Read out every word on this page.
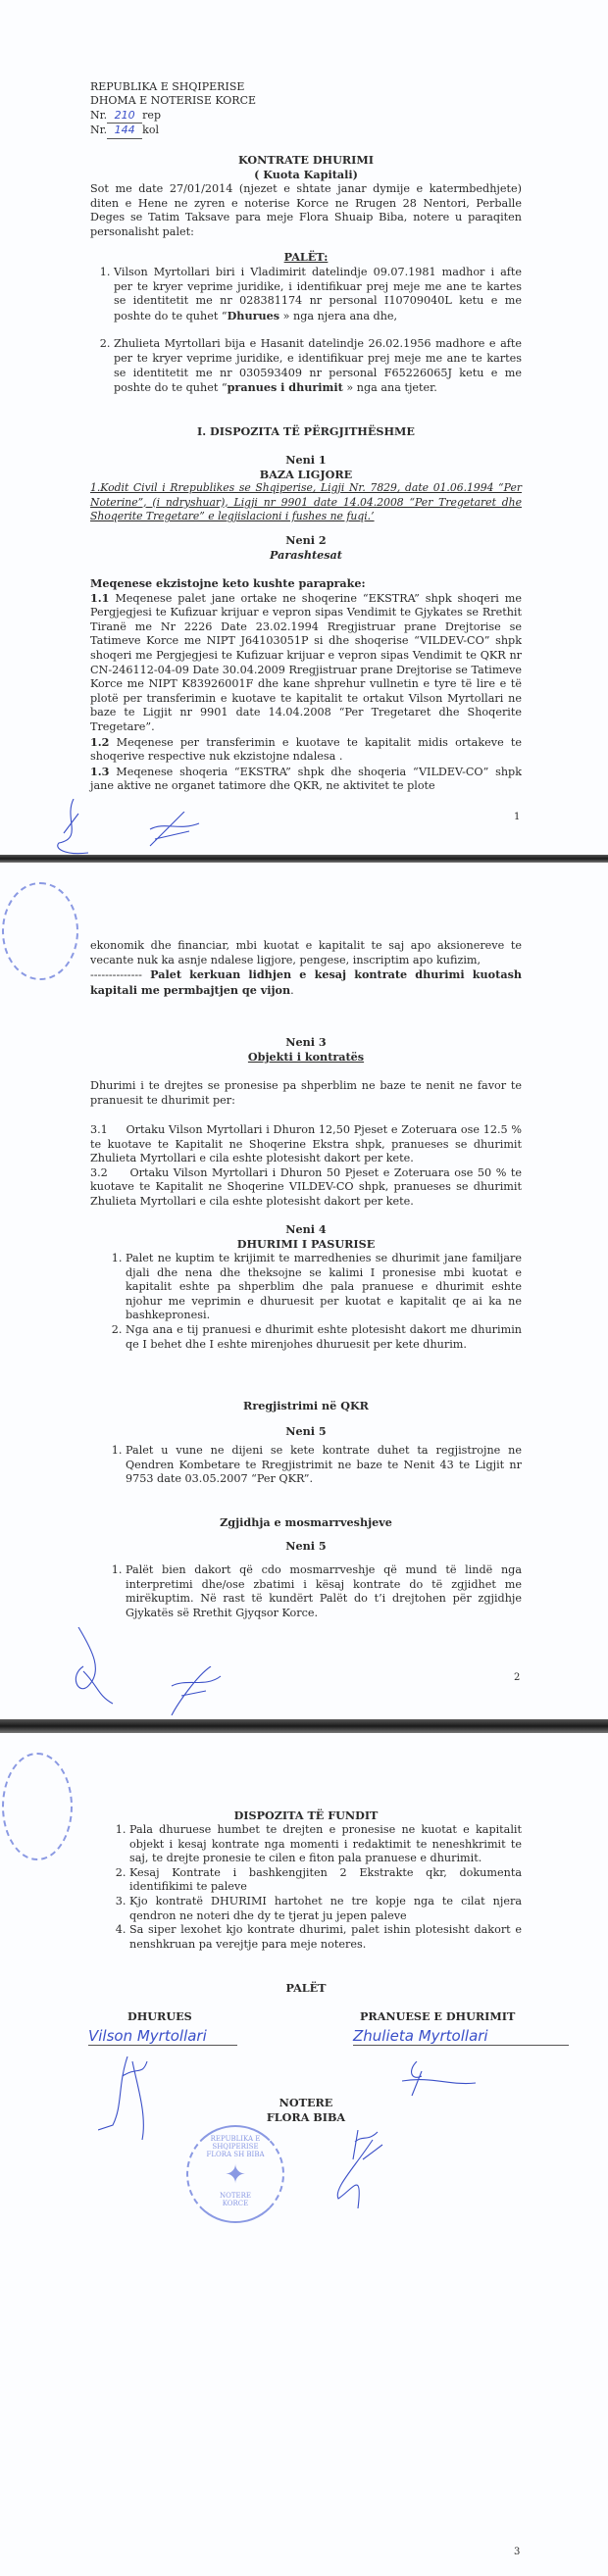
REPUBLIKA E SHQIPERISE
DHOMA E NOTERISE KORCE
Nr. 210 rep
Nr. 144 kol
KONTRATE DHURIMI
( Kuota Kapitali)

Sot me date 27/01/2014 (njezet e shtate janar dymije e katermbedhjete) diten e Hene ne zyren e noterise Korce ne Rrugen 28 Nentori, Perballe Deges se Tatim Taksave para meje Flora Shuaip Biba, notere u paraqiten personalisht palet:

PALËT:
1. Vilson Myrtollari biri i Vladimirit datelindje 09.07.1981 madhor i afte per te kryer veprime juridike, i identifikuar prej meje me ane te kartes se identitetit me nr 028381174 nr personal I10709040L ketu e me poshte do te quhet “Dhurues » nga njera ana dhe,
2. Zhulieta Myrtollari bija e Hasanit datelindje 26.02.1956 madhore e afte per te kryer veprime juridike, e identifikuar prej meje me ane te kartes se identitetit me nr 030593409 nr personal F65226065J ketu e me poshte do te quhet “pranues i dhurimit » nga ana tjeter.
I. DISPOZITA TË PËRGJITHËSHME
Neni 1
BAZA LIGJORE

1.Kodit Civil i Rrepublikes se Shqiperise, Ligji Nr. 7829, date 01.06.1994 “Per Noterine”, (i ndryshuar), Ligji nr 9901 date 14.04.2008 “Per Tregetaret dhe Shoqerite Tregetare” e legjislacioni i fushes ne fuqi.’

Neni 2
Parashtesat
Meqenese ekzistojne keto kushte paraprake:

1.1 Meqenese palet jane ortake ne shoqerine “EKSTRA” shpk shoqeri me Pergjegjesi te Kufizuar krijuar e vepron sipas Vendimit te Gjykates se Rrethit Tiranë me Nr 2226 Date 23.02.1994 Rregjistruar prane Drejtorise se Tatimeve Korce me NIPT J64103051P si dhe shoqerise “VILDEV-CO” shpk shoqeri me Pergjegjesi te Kufizuar krijuar e vepron sipas Vendimit te QKR nr CN-246112-04-09 Date 30.04.2009 Rregjistruar prane Drejtorise se Tatimeve Korce me NIPT K83926001F dhe kane shprehur vullnetin e tyre të lire e të plotë per transferimin e kuotave te kapitalit te ortakut Vilson Myrtollari ne baze te Ligjit nr 9901 date 14.04.2008 “Per Tregetaret dhe Shoqerite Tregetare”.

1.2 Meqenese per transferimin e kuotave te kapitalit midis ortakeve te shoqerive respective nuk ekzistojne ndalesa .

1.3 Meqenese shoqeria “EKSTRA” shpk dhe shoqeria “VILDEV-CO” shpk jane aktive ne organet tatimore dhe QKR, ne aktivitet te plote

1

ekonomik dhe financiar, mbi kuotat e kapitalit te saj apo aksionereve te vecante nuk ka asnje ndalese ligjore, pengese, inscriptim apo kufizim,

-------------- Palet kerkuan lidhjen e kesaj kontrate dhurimi kuotash kapitali me permbajtjen qe vijon.

Neni 3
Objekti i kontratës

Dhurimi i te drejtes se pronesise pa shperblim ne baze te nenit ne favor te pranuesit te dhurimit per:

3.1     Ortaku Vilson Myrtollari i Dhuron 12,50 Pjeset e Zoteruara ose 12.5 % te kuotave te Kapitalit ne Shoqerine Ekstra shpk, pranueses se dhurimit Zhulieta Myrtollari e cila eshte plotesisht dakort per kete.

3.2     Ortaku Vilson Myrtollari i Dhuron 50 Pjeset e Zoteruara ose 50 % te kuotave te Kapitalit ne Shoqerine VILDEV-CO shpk, pranueses se dhurimit Zhulieta Myrtollari e cila eshte plotesisht dakort per kete.

Neni 4
DHURIMI I PASURISE
1. Palet ne kuptim te krijimit te marredhenies se dhurimit jane familjare djali dhe nena dhe theksojne se kalimi I pronesise mbi kuotat e kapitalit eshte pa shperblim dhe pala pranuese e dhurimit eshte njohur me veprimin e dhuruesit per kuotat e kapitalit qe ai ka ne bashkepronesi.
2. Nga ana e tij pranuesi e dhurimit eshte plotesisht dakort me dhurimin qe I behet dhe I eshte mirenjohes dhuruesit per kete dhurim.
Rregjistrimi në QKR
Neni 5
1. Palet u vune ne dijeni se kete kontrate duhet ta regjistrojne ne Qendren Kombetare te Rregjistrimit ne baze te Nenit 43 te Ligjit nr 9753 date 03.05.2007 “Per QKR”.
Zgjidhja e mosmarrveshjeve
Neni 5
1. Palët bien dakort që cdo mosmarrveshje që mund të lindë nga interpretimi dhe/ose zbatimi i kësaj kontrate do të zgjidhet me mirëkuptim. Në rast të kundërt Palët do t’i drejtohen për zgjidhje Gjykatës së Rrethit Gjyqsor Korce.
2
DISPOZITA TË FUNDIT
1. Pala dhuruese humbet te drejten e pronesise ne kuotat e kapitalit objekt i kesaj kontrate nga momenti i redaktimit te neneshkrimit te saj, te drejte pronesie te cilen e fiton pala pranuese e dhurimit.
2. Kesaj Kontrate i bashkengjiten 2 Ekstrakte qkr, dokumenta identifikimi te paleve
3. Kjo kontratë DHURIMI hartohet ne tre kopje nga te cilat njera qendron ne noteri dhe dy te tjerat ju jepen paleve
4. Sa siper lexohet kjo kontrate dhurimi, palet ishin plotesisht dakort e nenshkruan pa verejtje para meje noteres.
PALËT
DHURUES	PRANUESE E DHURIMIT
Vilson Myrtollari	Zhulieta Myrtollari
NOTERE
FLORA BIBA
REPUBLIKA E SHQIPERISE
FLORA SH BIBA
✦
NOTERE
KORCE
3
